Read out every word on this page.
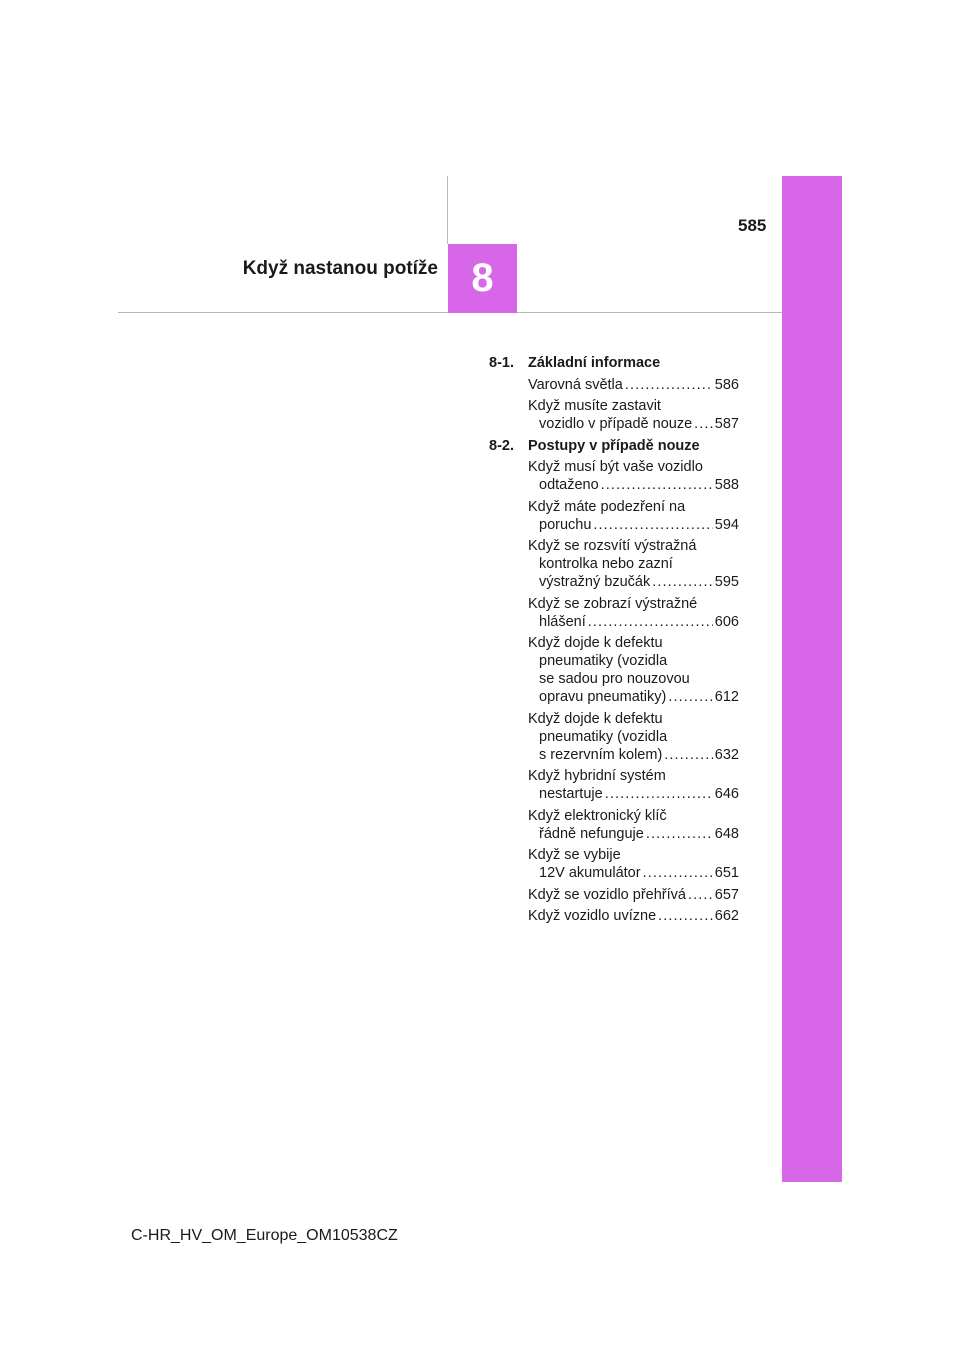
585
Když nastanou potíže 8
8-1. Základní informace
Varovná světla .....	586
Když musíte zastavit
vozidlo v případě nouze ..... 587
8-2. Postupy v případě nouze
Když musí být vaše vozidlo
odtaženo .....	588
Když máte podezření na
poruchu .....	594
Když se rozsvítí výstražná
kontrolka nebo zazní
výstražný bzučák .....	595
Když se zobrazí výstražné
hlášení .....	606
Když dojde k defektu
pneumatiky (vozidla
se sadou pro nouzovou
opravu pneumatiky) .....	612
Když dojde k defektu
pneumatiky (vozidla
s rezervním kolem) .....	632
Když hybridní systém
nestartuje .....	646
Když elektronický klíč
řádně nefunguje .....	648
Když se vybije
12V akumulátor .....	651
Když se vozidlo přehřívá ..... 657
Když vozidlo uvízne .....	662
C-HR_HV_OM_Europe_OM10538CZ
